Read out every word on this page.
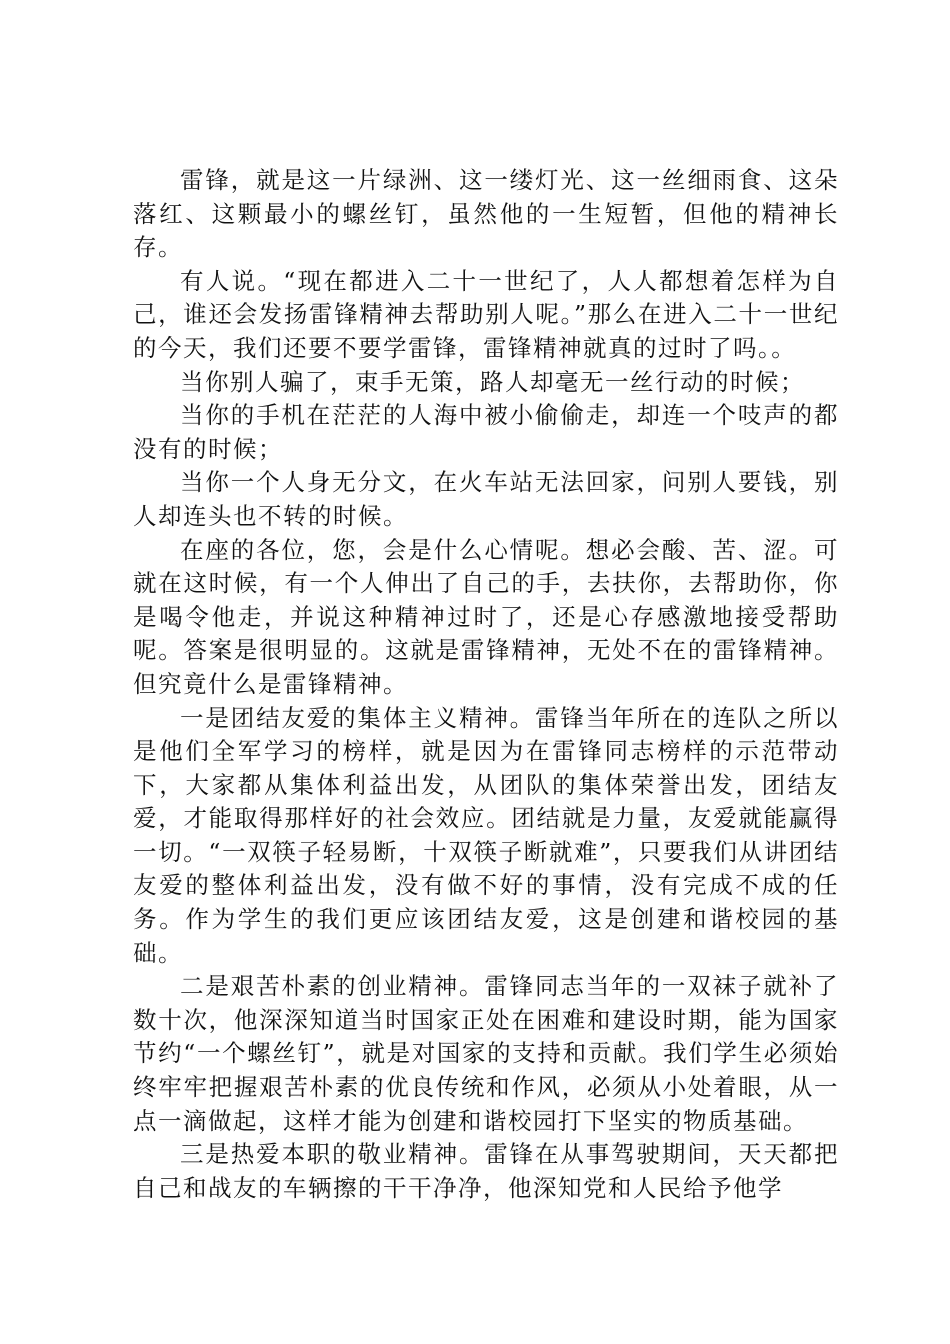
雷锋，就是这一片绿洲、这一缕灯光、这一丝细雨食、这朵落红、这颗最小的螺丝钉，虽然他的一生短暂，但他的精神长存。

有人说。“现在都进入二十一世纪了，人人都想着怎样为自己，谁还会发扬雷锋精神去帮助别人呢。”那么在进入二十一世纪的今天，我们还要不要学雷锋，雷锋精神就真的过时了吗。。

当你别人骗了，束手无策，路人却毫无一丝行动的时候；

当你的手机在茫茫的人海中被小偷偷走，却连一个吱声的都没有的时候；

当你一个人身无分文，在火车站无法回家，问别人要钱，别人却连头也不转的时候。

在座的各位，您，会是什么心情呢。想必会酸、苦、涩。可就在这时候，有一个人伸出了自己的手，去扶你，去帮助你，你是喝令他走，并说这种精神过时了，还是心存感激地接受帮助呢。答案是很明显的。这就是雷锋精神，无处不在的雷锋精神。但究竟什么是雷锋精神。

一是团结友爱的集体主义精神。雷锋当年所在的连队之所以是他们全军学习的榜样，就是因为在雷锋同志榜样的示范带动下，大家都从集体利益出发，从团队的集体荣誉出发，团结友爱，才能取得那样好的社会效应。团结就是力量，友爱就能赢得一切。“一双筷子轻易断，十双筷子断就难”，只要我们从讲团结友爱的整体利益出发，没有做不好的事情，没有完成不成的任务。作为学生的我们更应该团结友爱，这是创建和谐校园的基础。

二是艰苦朴素的创业精神。雷锋同志当年的一双袜子就补了数十次，他深深知道当时国家正处在困难和建设时期，能为国家节约“一个螺丝钉”，就是对国家的支持和贡献。我们学生必须始终牢牢把握艰苦朴素的优良传统和作风，必须从小处着眼，从一点一滴做起，这样才能为创建和谐校园打下坚实的物质基础。

三是热爱本职的敬业精神。雷锋在从事驾驶期间，天天都把自己和战友的车辆擦的干干净净，他深知党和人民给予他学
